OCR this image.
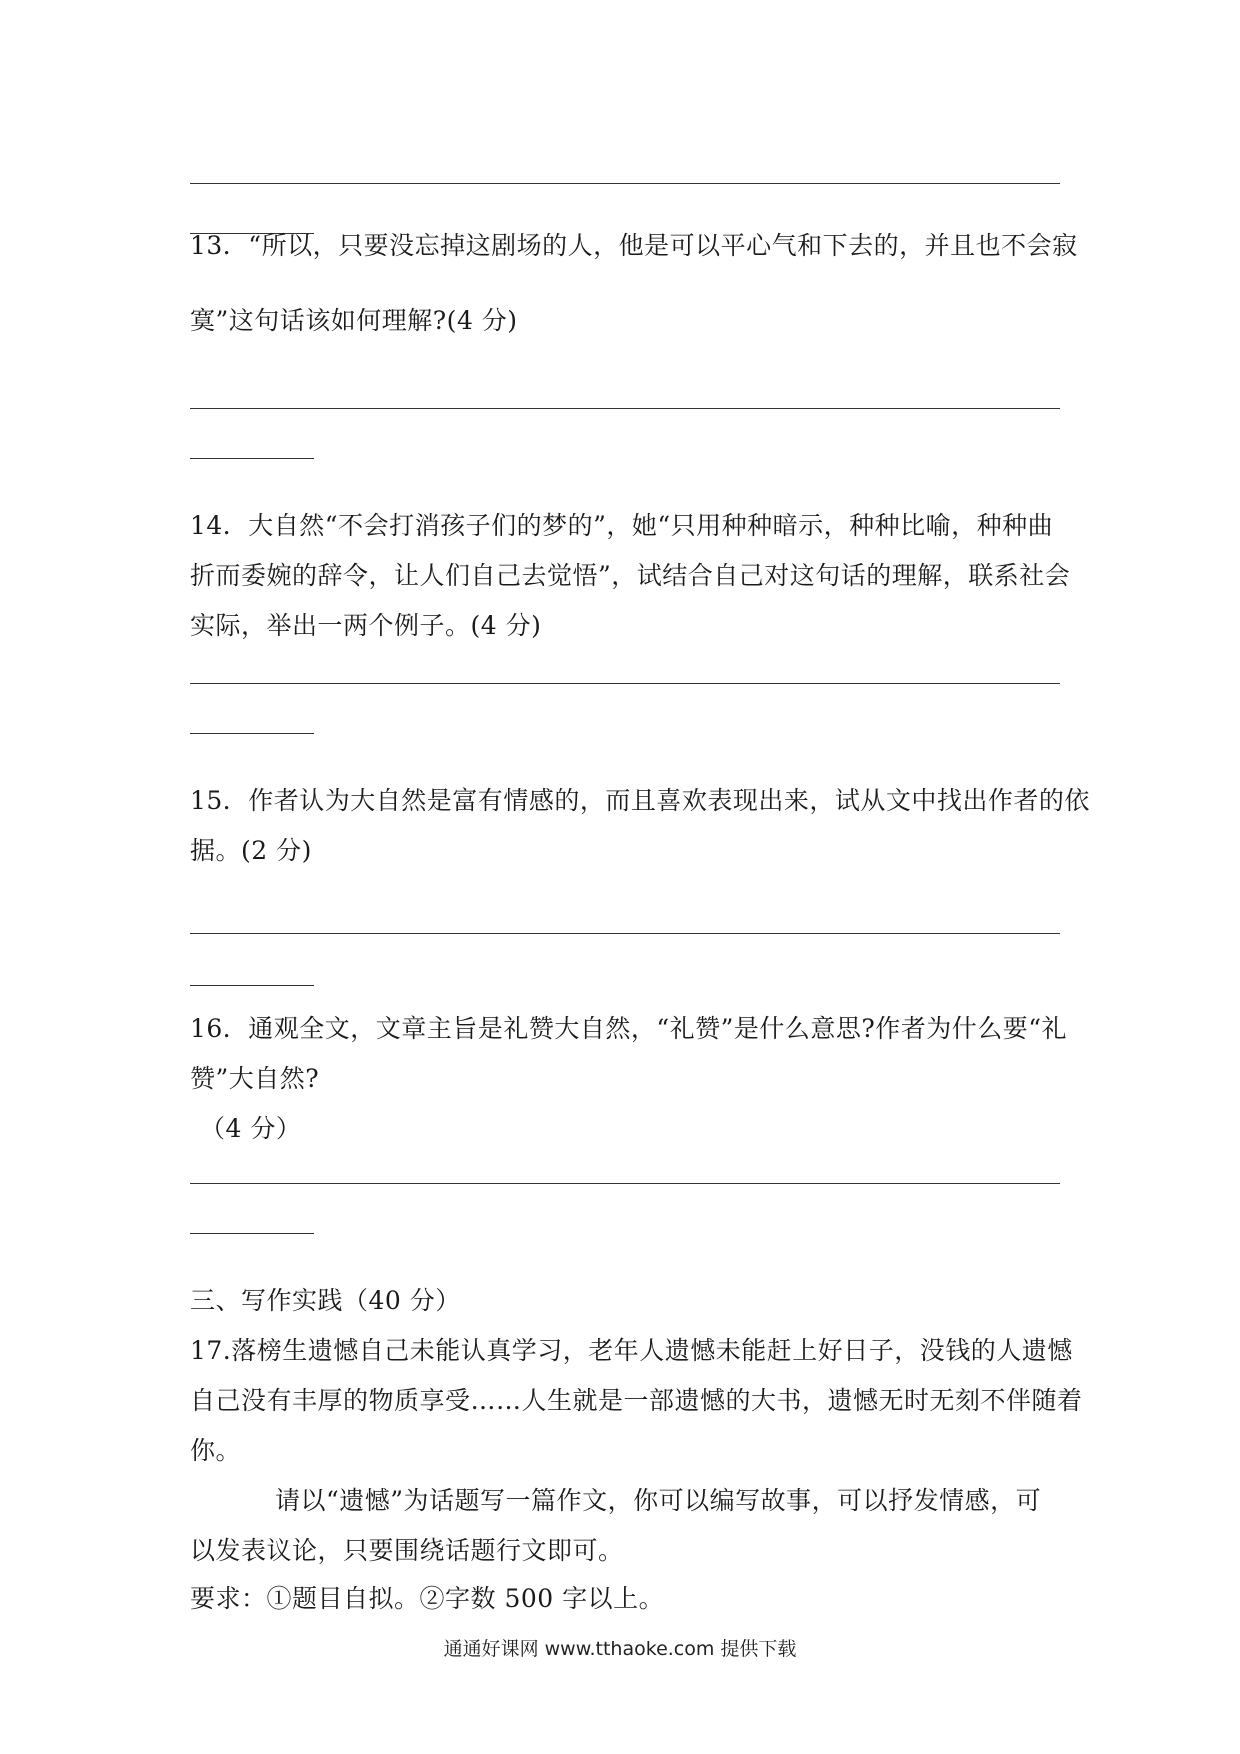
13．“所以，只要没忘掉这剧场的人，他是可以平心气和下去的，并且也不会寂
寞”这句话该如何理解?(4 分)
14．大自然“不会打消孩子们的梦的”，她“只用种种暗示，种种比喻，种种曲
折而委婉的辞令，让人们自己去觉悟”，试结合自己对这句话的理解，联系社会
实际，举出一两个例子。(4 分)
15．作者认为大自然是富有情感的，而且喜欢表现出来，试从文中找出作者的依
据。(2 分)
16．通观全文，文章主旨是礼赞大自然，“礼赞”是什么意思?作者为什么要“礼
赞”大自然?
（4 分）
三、写作实践（40 分）
17.落榜生遗憾自己未能认真学习，老年人遗憾未能赶上好日子，没钱的人遗憾
自己没有丰厚的物质享受……人生就是一部遗憾的大书，遗憾无时无刻不伴随着
你。
请以“遗憾”为话题写一篇作文，你可以编写故事，可以抒发情感，可
以发表议论，只要围绕话题行文即可。
要求：①题目自拟。②字数 500 字以上。
通通好课网 www.tthaoke.com 提供下载
